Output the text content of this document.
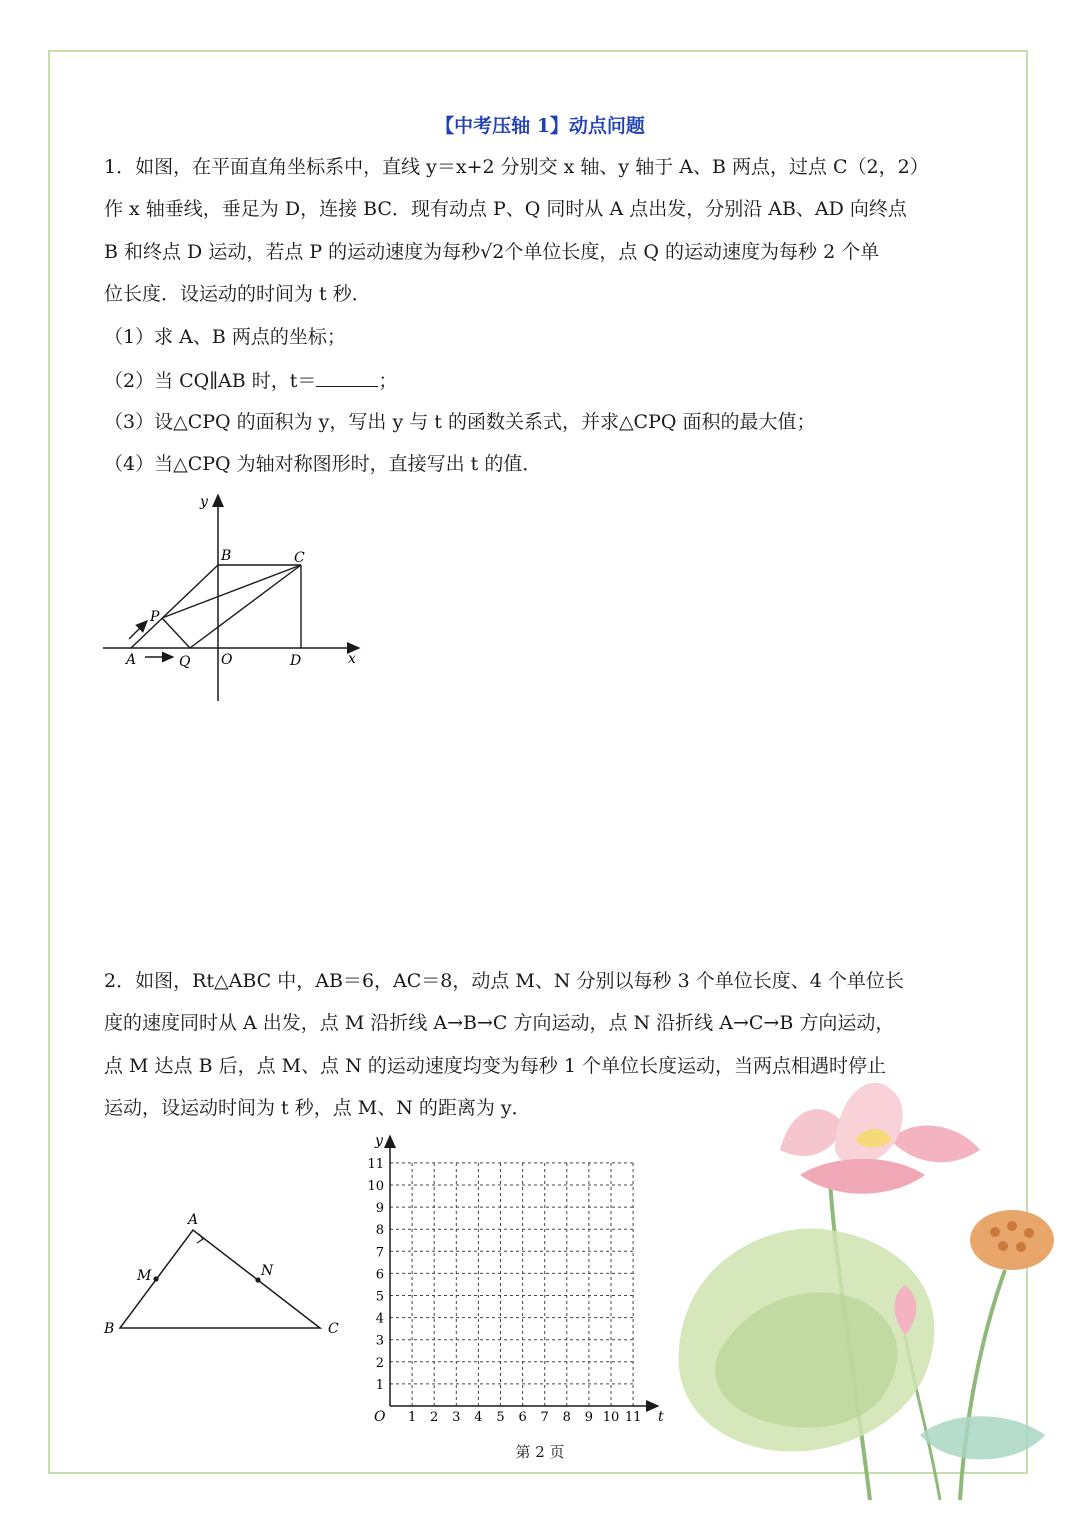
【中考压轴 1】动点问题
1．如图，在平面直角坐标系中，直线 y＝x+2 分别交 x 轴、y 轴于 A、B 两点，过点 C（2，2）
作 x 轴垂线，垂足为 D，连接 BC．现有动点 P、Q 同时从 A 点出发，分别沿 AB、AD 向终点
B 和终点 D 运动，若点 P 的运动速度为每秒√2个单位长度，点 Q 的运动速度为每秒 2 个单
位长度．设运动的时间为 t 秒．
（1）求 A、B 两点的坐标；
（2）当 CQ∥AB 时，t＝	；
（3）设△CPQ 的面积为 y，写出 y 与 t 的函数关系式，并求△CPQ 面积的最大值；
（4）当△CPQ 为轴对称图形时，直接写出 t 的值．
y
B	C
P
A	Q O	D	x
2．如图，Rt△ABC 中，AB＝6，AC＝8，动点 M、N 分别以每秒 3 个单位长度、4 个单位长
度的速度同时从 A 出发，点 M 沿折线 A→B→C 方向运动，点 N 沿折线 A→C→B 方向运动，
点 M 达点 B 后，点 M、点 N 的运动速度均变为每秒 1 个单位长度运动，当两点相遇时停止
运动，设运动时间为 t 秒，点 M、N 的距离为 y．
A
M	N
B	C
1 2 3 4 5 6 7 8 9 10 11
1
2
3
4
5
6
7
8
9
10
11
y
t
O
第 2 页
